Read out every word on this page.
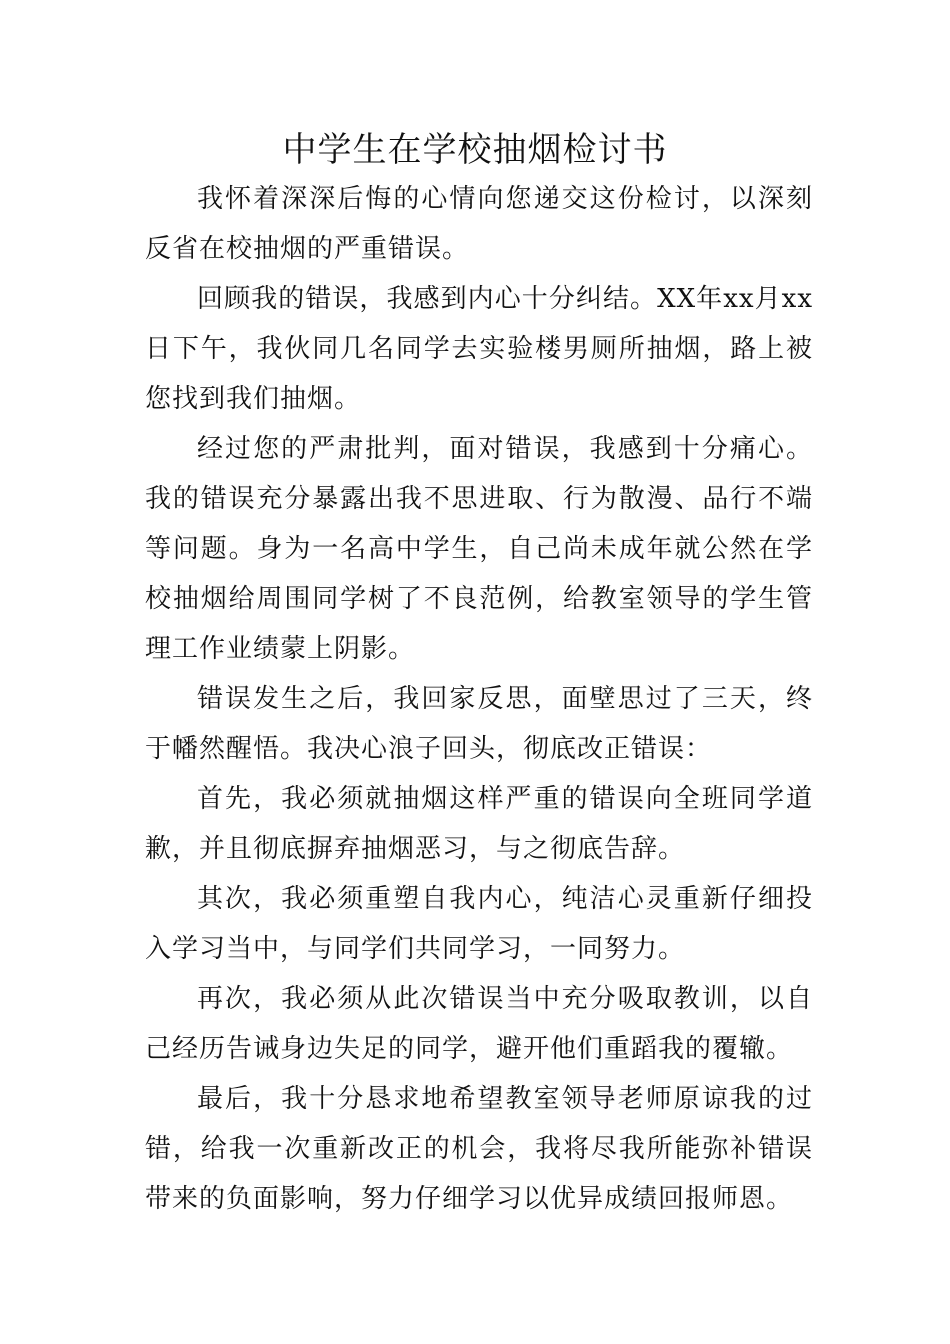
中学生在学校抽烟检讨书

我怀着深深后悔的心情向您递交这份检讨，以深刻反省在校抽烟的严重错误。

回顾我的错误，我感到内心十分纠结。XX年xx月xx日下午，我伙同几名同学去实验楼男厕所抽烟，路上被您找到我们抽烟。

经过您的严肃批判，面对错误，我感到十分痛心。我的错误充分暴露出我不思进取、行为散漫、品行不端等问题。身为一名高中学生，自己尚未成年就公然在学校抽烟给周围同学树了不良范例，给教室领导的学生管理工作业绩蒙上阴影。

错误发生之后，我回家反思，面壁思过了三天，终于幡然醒悟。我决心浪子回头，彻底改正错误：

首先，我必须就抽烟这样严重的错误向全班同学道歉，并且彻底摒弃抽烟恶习，与之彻底告辞。

其次，我必须重塑自我内心，纯洁心灵重新仔细投入学习当中，与同学们共同学习，一同努力。

再次，我必须从此次错误当中充分吸取教训，以自己经历告诫身边失足的同学，避开他们重蹈我的覆辙。

最后，我十分恳求地希望教室领导老师原谅我的过错，给我一次重新改正的机会，我将尽我所能弥补错误带来的负面影响，努力仔细学习以优异成绩回报师恩。
